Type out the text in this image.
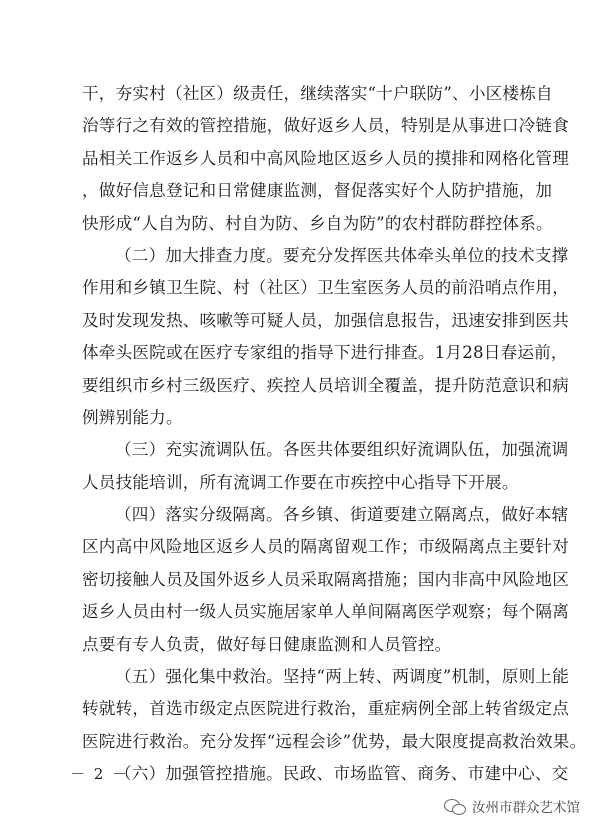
干，夯实村（社区）级责任，继续落实“十户联防”、小区楼栋自
治等行之有效的管控措施，做好返乡人员，特别是从事进口冷链食
品相关工作返乡人员和中高风险地区返乡人员的摸排和网格化管理
，做好信息登记和日常健康监测，督促落实好个人防护措施，加
快形成“人自为防、村自为防、乡自为防”的农村群防群控体系。
（二）加大排查力度。要充分发挥医共体牵头单位的技术支撑
作用和乡镇卫生院、村（社区）卫生室医务人员的前沿哨点作用，
及时发现发热、咳嗽等可疑人员，加强信息报告，迅速安排到医共
体牵头医院或在医疗专家组的指导下进行排查。1月28日春运前，
要组织市乡村三级医疗、疾控人员培训全覆盖，提升防范意识和病
例辨别能力。
（三）充实流调队伍。各医共体要组织好流调队伍，加强流调
人员技能培训，所有流调工作要在市疾控中心指导下开展。
（四）落实分级隔离。各乡镇、街道要建立隔离点，做好本辖
区内高中风险地区返乡人员的隔离留观工作；市级隔离点主要针对
密切接触人员及国外返乡人员采取隔离措施；国内非高中风险地区
返乡人员由村一级人员实施居家单人单间隔离医学观察；每个隔离
点要有专人负责，做好每日健康监测和人员管控。
（五）强化集中救治。坚持“两上转、两调度”机制，原则上能
转就转，首选市级定点医院进行救治，重症病例全部上转省级定点
医院进行救治。充分发挥“远程会诊”优势，最大限度提高救治效果。
（六）加强管控措施。民政、市场监管、商务、市建中心、交
－ 2 －
汝州市群众艺术馆
